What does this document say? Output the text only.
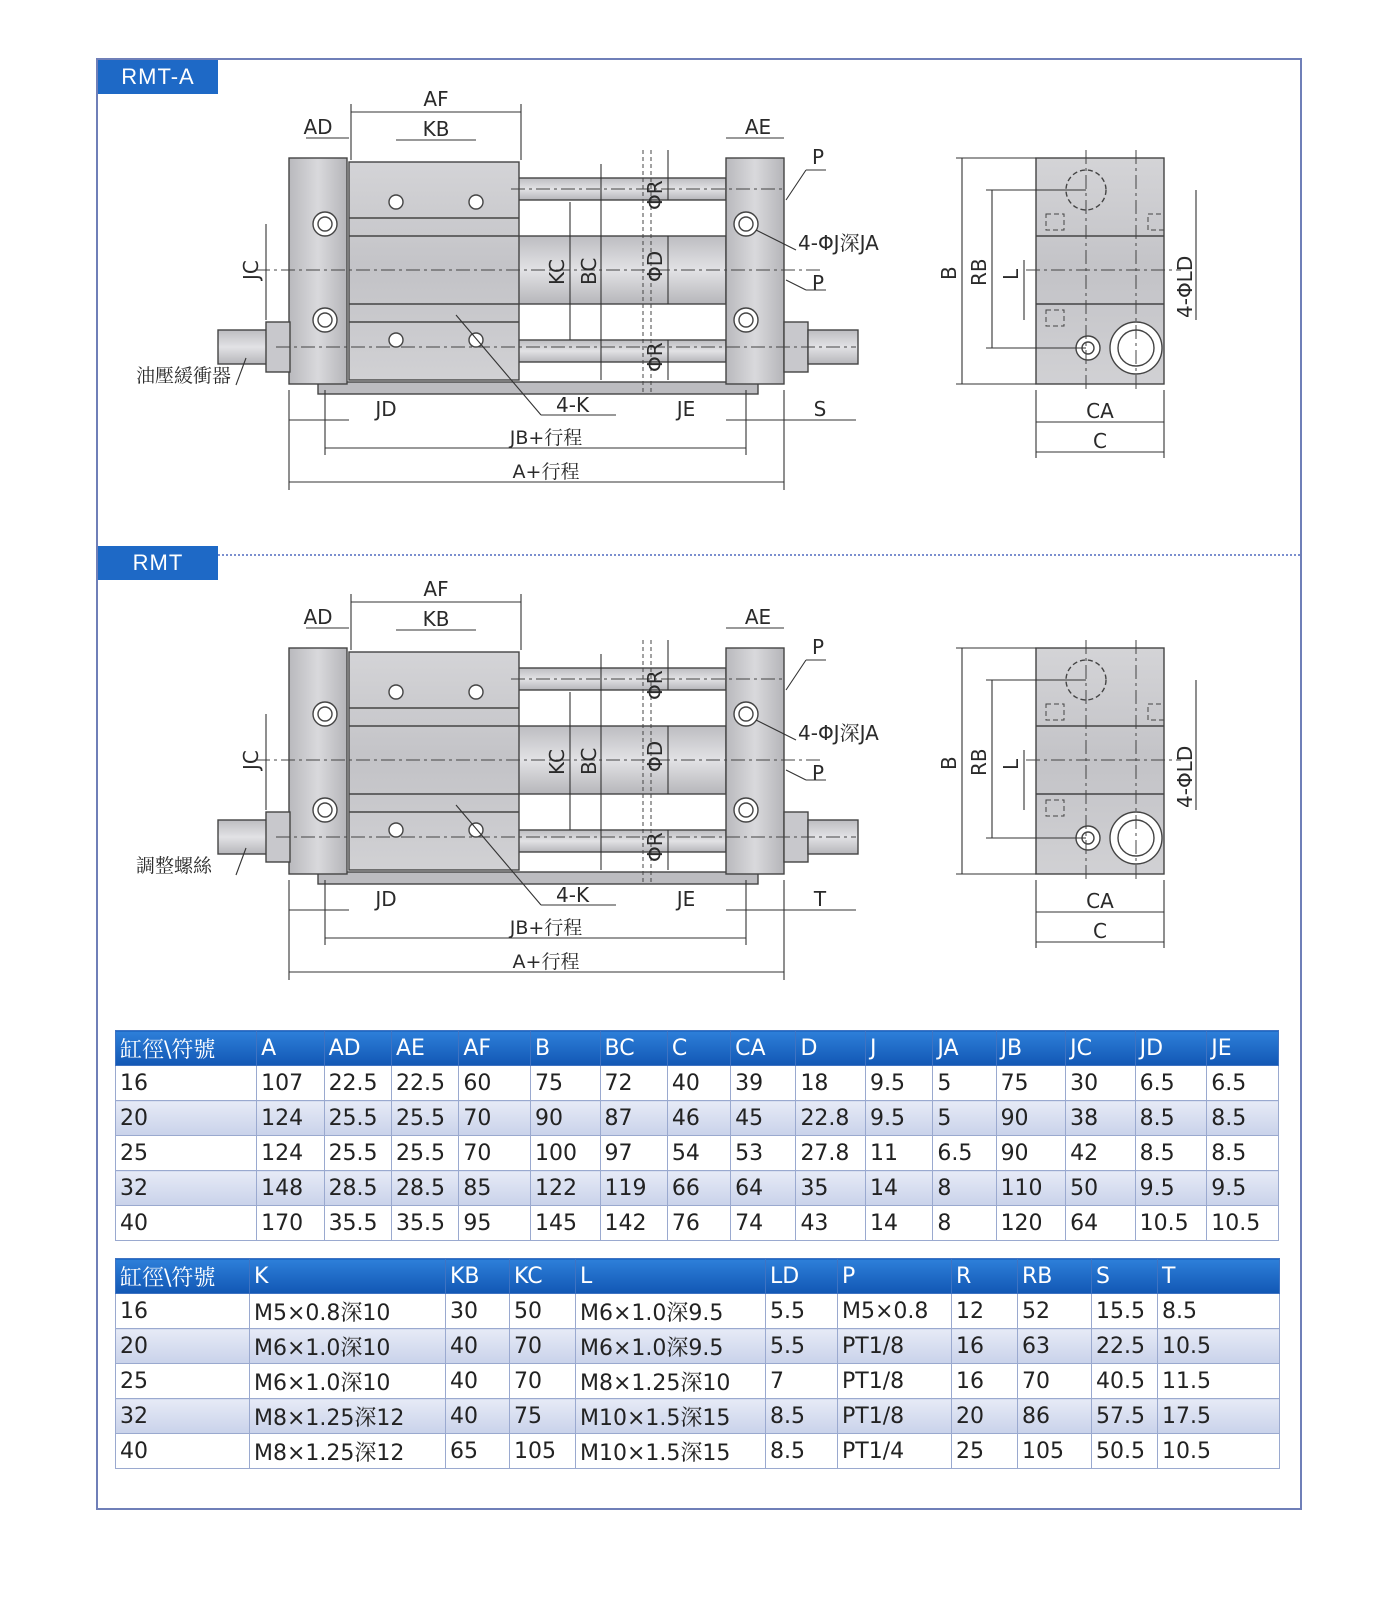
RMT-A
RMT
AF
AD	KB	AE
P
P
JC	KC BC
ΦR
ΦD
ΦR
4-ΦJ深JA
4-K
JD	JE	S
JB+行程
A+行程
油壓緩衝器
B RB L	4-ΦLD
CA
C
AF
AD	KB	AE
P
P
JC	KC BC
ΦR
ΦD
ΦR
4-ΦJ深JA
4-K
JD	JE	T
JB+行程
A+行程
調整螺絲
B RB L	4-ΦLD
CA
C
缸徑\符號	A	AD	AE	AF	B	BC	C	CA	D	J	JA	JB	JC	JD	JE
16	107	22.5	22.5	60	75	72	40	39	18	9.5	5	75	30	6.5	6.5
20	124	25.5	25.5	70	90	87	46	45	22.8	9.5	5	90	38	8.5	8.5
25	124	25.5	25.5	70	100	97	54	53	27.8	11	6.5	90	42	8.5	8.5
32	148	28.5	28.5	85	122	119	66	64	35	14	8	110	50	9.5	9.5
40	170	35.5	35.5	95	145	142	76	74	43	14	8	120	64	10.5	10.5
缸徑\符號	K	KB	KC	L	LD	P	R	RB	S	T
16	M5×0.8深10	30	50	M6×1.0深9.5	5.5	M5×0.8	12	52	15.5	8.5
20	M6×1.0深10	40	70	M6×1.0深9.5	5.5	PT1/8	16	63	22.5	10.5
25	M6×1.0深10	40	70	M8×1.25深10	7	PT1/8	16	70	40.5	11.5
32	M8×1.25深12	40	75	M10×1.5深15	8.5	PT1/8	20	86	57.5	17.5
40	M8×1.25深12	65	105	M10×1.5深15	8.5	PT1/4	25	105	50.5	10.5
